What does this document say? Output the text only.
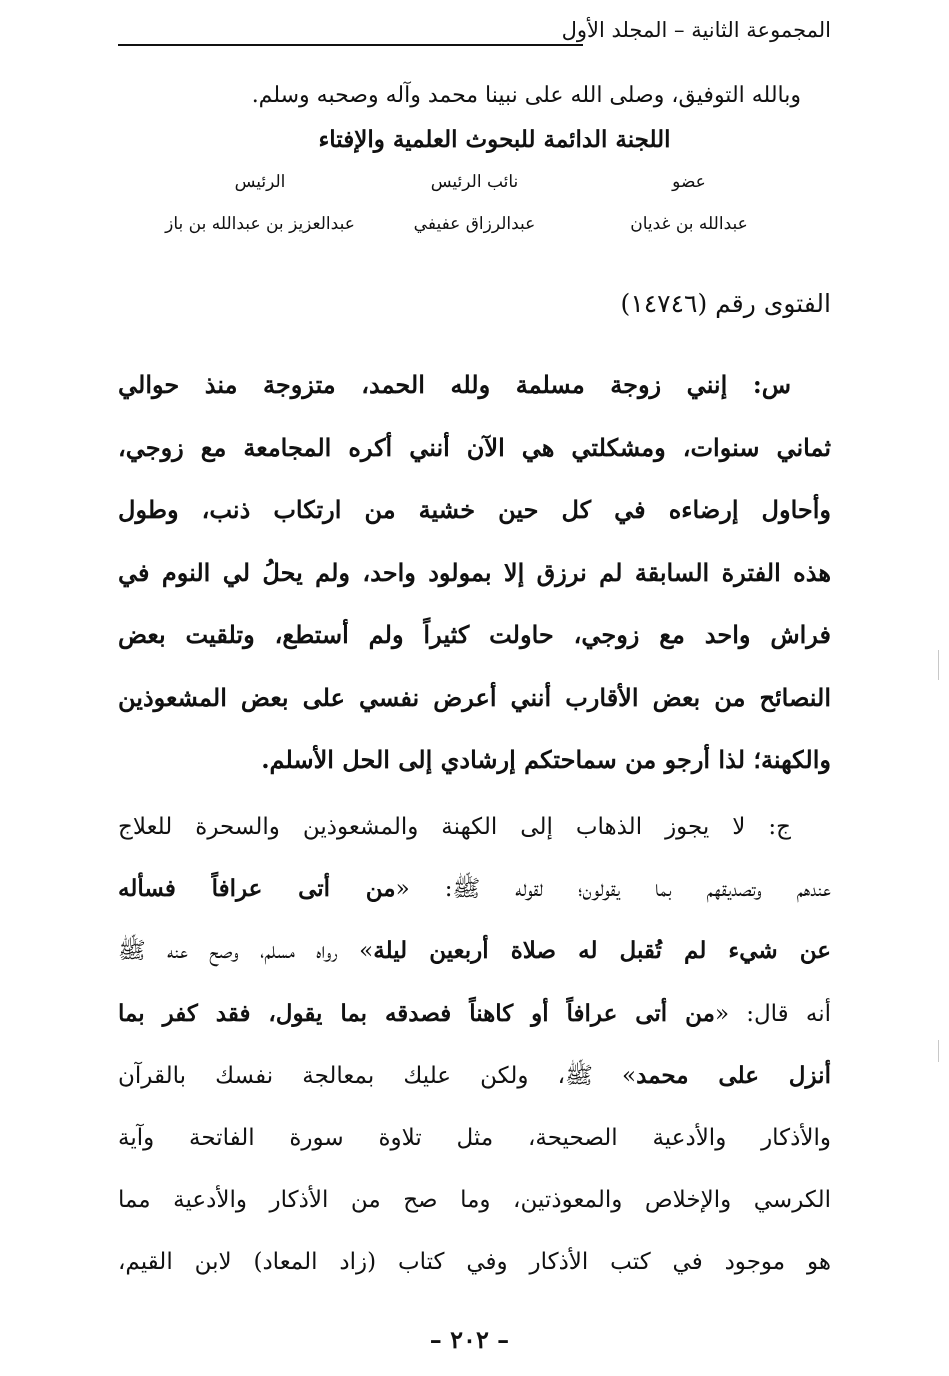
المجموعة الثانية – المجلد الأول
وبالله التوفيق، وصلى الله على نبينا محمد وآله وصحبه وسلم.
اللجنة الدائمة للبحوث العلمية والإفتاء
عضو
نائب الرئيس
الرئيس
عبدالله بن غديان
عبدالرزاق عفيفي
عبدالعزيز بن عبدالله بن باز
الفتوى رقم (١٤٧٤٦)
س: إنني زوجة مسلمة ولله الحمد، متزوجة منذ حوالي
ثماني سنوات، ومشكلتي هي الآن أنني أكره المجامعة مع زوجي،
وأحاول إرضاءه في كل حين خشية من ارتكاب ذنب، وطول
هذه الفترة السابقة لم نرزق إلا بمولود واحد، ولم يحلُ لي النوم في
فراش واحد مع زوجي، حاولت كثيراً ولم أستطع، وتلقيت بعض
النصائح من بعض الأقارب أنني أعرض نفسي على بعض المشعوذين
والكهنة؛ لذا أرجو من سماحتكم إرشادي إلى الحل الأسلم.
ج: لا يجوز الذهاب إلى الكهنة والمشعوذين والسحرة للعلاج
عندهم وتصديقهم بما يقولون؛ لقوله ﷺ: «من أتى عرافاً فسأله
عن شيء لم تُقبل له صلاة أربعين ليلة» رواه مسلم، وصح عنه ﷺ
أنه قال: «من أتى عرافاً أو كاهناً فصدقه بما يقول، فقد كفر بما
أنزل على محمد» ﷺ، ولكن عليك بمعالجة نفسك بالقرآن
والأذكار والأدعية الصحيحة، مثل تلاوة سورة الفاتحة وآية
الكرسي والإخلاص والمعوذتين، وما صح من الأذكار والأدعية مما
هو موجود في كتب الأذكار وفي كتاب (زاد المعاد) لابن القيم،
– ٢٠٢ –
